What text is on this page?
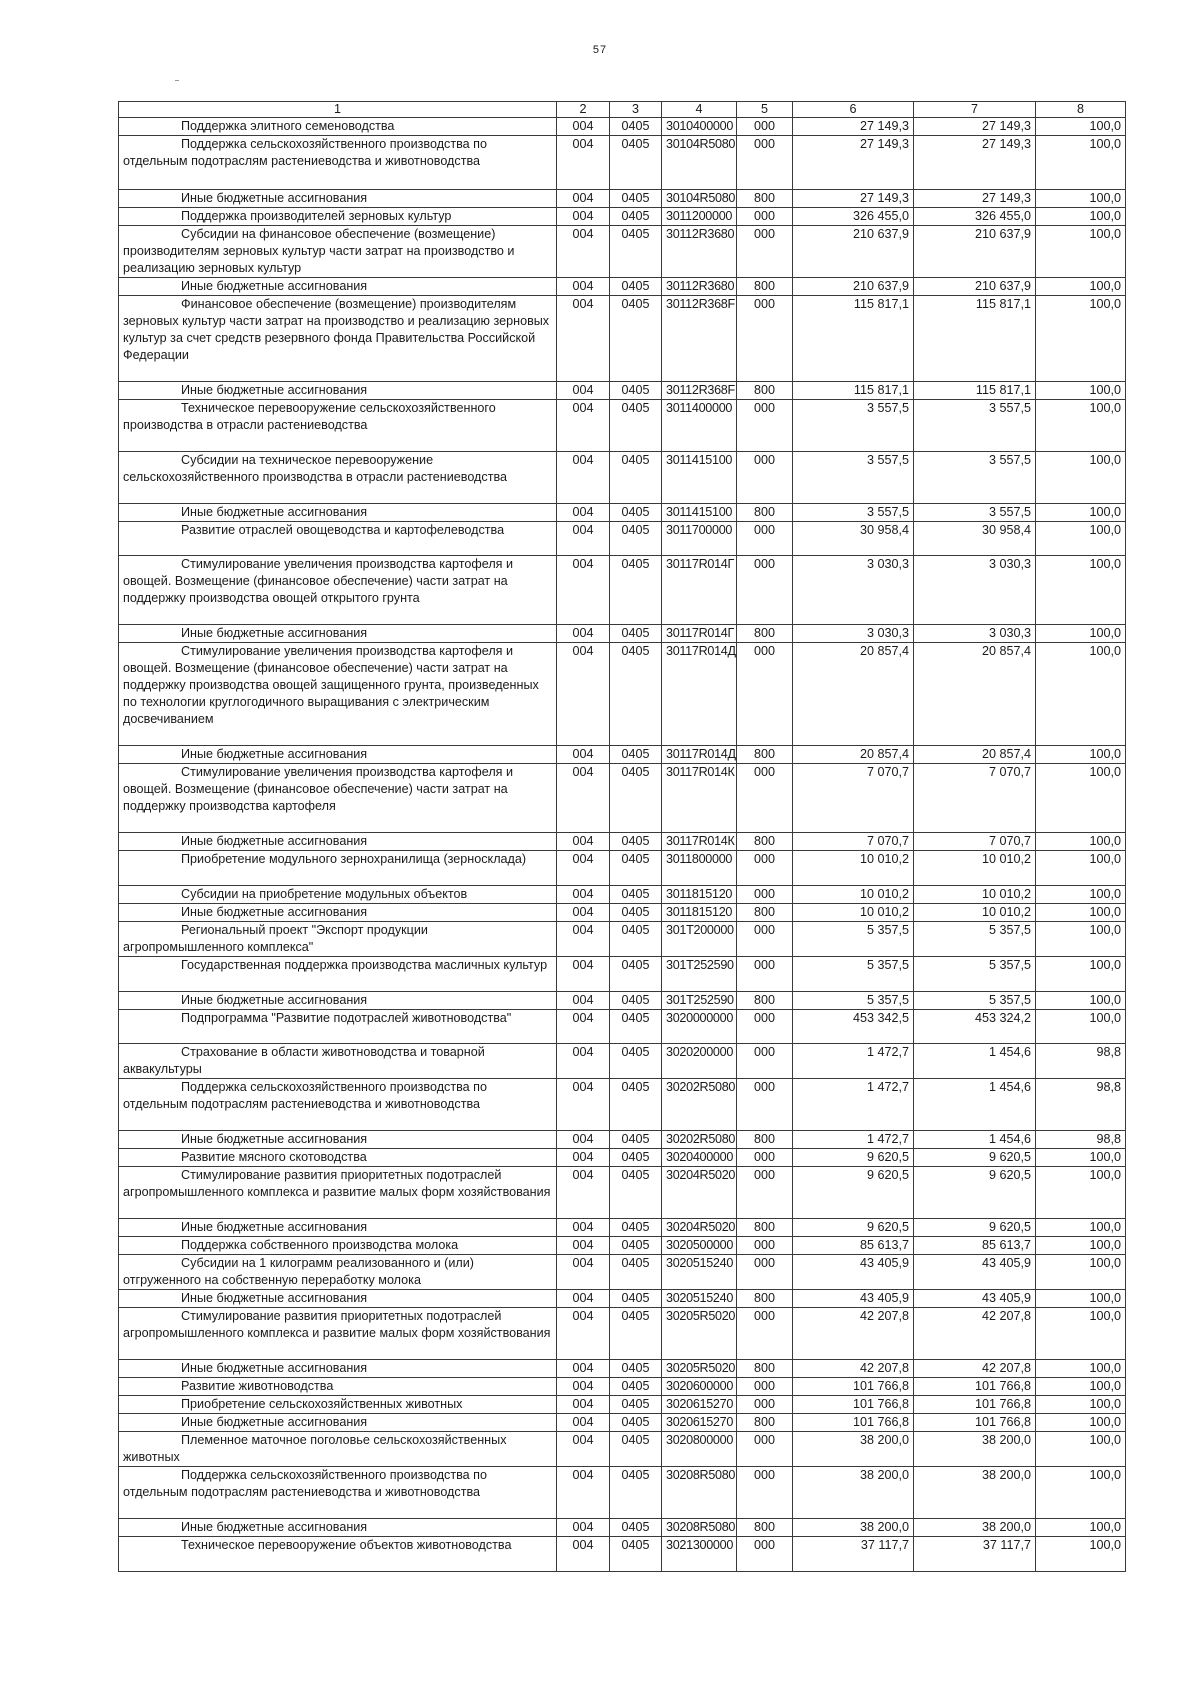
57
1	2	3	4	5	6	7	8
Поддержка элитного семеноводства	004	0405	3010400000	000	27 149,3	27 149,3	100,0
Поддержка сельскохозяйственного производства по отдельным подотраслям растениеводства и животноводства	004	0405	30104R5080	000	27 149,3	27 149,3	100,0
Иные бюджетные ассигнования	004	0405	30104R5080	800	27 149,3	27 149,3	100,0
Поддержка производителей зерновых культур	004	0405	3011200000	000	326 455,0	326 455,0	100,0
Субсидии на финансовое обеспечение (возмещение) производителям зерновых культур части затрат на производство и реализацию зерновых культур	004	0405	30112R3680	000	210 637,9	210 637,9	100,0
Иные бюджетные ассигнования	004	0405	30112R3680	800	210 637,9	210 637,9	100,0
Финансовое обеспечение (возмещение) производителям зерновых культур части затрат на производство и реализацию зерновых культур за счет средств резервного фонда Правительства Российской Федерации	004	0405	30112R368F	000	115 817,1	115 817,1	100,0
Иные бюджетные ассигнования	004	0405	30112R368F	800	115 817,1	115 817,1	100,0
Техническое перевооружение сельскохозяйственного производства в отрасли растениеводства	004	0405	3011400000	000	3 557,5	3 557,5	100,0
Субсидии на техническое перевооружение сельскохозяйственного производства в отрасли растениеводства	004	0405	3011415100	000	3 557,5	3 557,5	100,0
Иные бюджетные ассигнования	004	0405	3011415100	800	3 557,5	3 557,5	100,0
Развитие отраслей овощеводства и картофелеводства	004	0405	3011700000	000	30 958,4	30 958,4	100,0
Стимулирование увеличения производства картофеля и овощей. Возмещение (финансовое обеспечение) части затрат на поддержку производства овощей открытого грунта	004	0405	30117R014Г	000	3 030,3	3 030,3	100,0
Иные бюджетные ассигнования	004	0405	30117R014Г	800	3 030,3	3 030,3	100,0
Стимулирование увеличения производства картофеля и овощей. Возмещение (финансовое обеспечение) части затрат на поддержку производства овощей защищенного грунта, произведенных по технологии круглогодичного выращивания с электрическим досвечиванием	004	0405	30117R014Д	000	20 857,4	20 857,4	100,0
Иные бюджетные ассигнования	004	0405	30117R014Д	800	20 857,4	20 857,4	100,0
Стимулирование увеличения производства картофеля и овощей. Возмещение (финансовое обеспечение) части затрат на поддержку производства картофеля	004	0405	30117R014К	000	7 070,7	7 070,7	100,0
Иные бюджетные ассигнования	004	0405	30117R014К	800	7 070,7	7 070,7	100,0
Приобретение модульного зернохранилища (зерносклада)	004	0405	3011800000	000	10 010,2	10 010,2	100,0
Субсидии на приобретение модульных объектов	004	0405	3011815120	000	10 010,2	10 010,2	100,0
Иные бюджетные ассигнования	004	0405	3011815120	800	10 010,2	10 010,2	100,0
Региональный проект "Экспорт продукции агропромышленного комплекса"	004	0405	301T200000	000	5 357,5	5 357,5	100,0
Государственная поддержка производства масличных культур	004	0405	301T252590	000	5 357,5	5 357,5	100,0
Иные бюджетные ассигнования	004	0405	301T252590	800	5 357,5	5 357,5	100,0
Подпрограмма "Развитие подотраслей животноводства"	004	0405	3020000000	000	453 342,5	453 324,2	100,0
Страхование в области животноводства и товарной аквакультуры	004	0405	3020200000	000	1 472,7	1 454,6	98,8
Поддержка сельскохозяйственного производства по отдельным подотраслям растениеводства и животноводства	004	0405	30202R5080	000	1 472,7	1 454,6	98,8
Иные бюджетные ассигнования	004	0405	30202R5080	800	1 472,7	1 454,6	98,8
Развитие мясного скотоводства	004	0405	3020400000	000	9 620,5	9 620,5	100,0
Стимулирование развития приоритетных подотраслей агропромышленного комплекса и развитие малых форм хозяйствования	004	0405	30204R5020	000	9 620,5	9 620,5	100,0
Иные бюджетные ассигнования	004	0405	30204R5020	800	9 620,5	9 620,5	100,0
Поддержка собственного производства молока	004	0405	3020500000	000	85 613,7	85 613,7	100,0
Субсидии на 1 килограмм реализованного и (или) отгруженного на собственную переработку молока	004	0405	3020515240	000	43 405,9	43 405,9	100,0
Иные бюджетные ассигнования	004	0405	3020515240	800	43 405,9	43 405,9	100,0
Стимулирование развития приоритетных подотраслей агропромышленного комплекса и развитие малых форм хозяйствования	004	0405	30205R5020	000	42 207,8	42 207,8	100,0
Иные бюджетные ассигнования	004	0405	30205R5020	800	42 207,8	42 207,8	100,0
Развитие животноводства	004	0405	3020600000	000	101 766,8	101 766,8	100,0
Приобретение сельскохозяйственных животных	004	0405	3020615270	000	101 766,8	101 766,8	100,0
Иные бюджетные ассигнования	004	0405	3020615270	800	101 766,8	101 766,8	100,0
Племенное маточное поголовье сельскохозяйственных животных	004	0405	3020800000	000	38 200,0	38 200,0	100,0
Поддержка сельскохозяйственного производства по отдельным подотраслям растениеводства и животноводства	004	0405	30208R5080	000	38 200,0	38 200,0	100,0
Иные бюджетные ассигнования	004	0405	30208R5080	800	38 200,0	38 200,0	100,0
Техническое перевооружение объектов животноводства	004	0405	3021300000	000	37 117,7	37 117,7	100,0
